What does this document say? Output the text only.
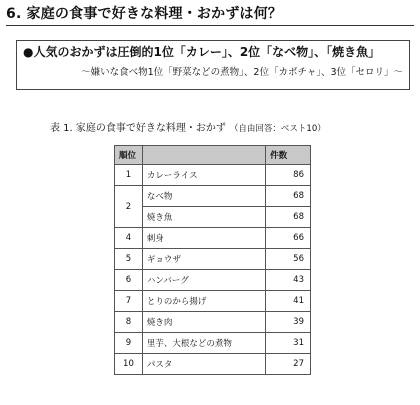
6. 家庭の食事で好きな料理・おかずは何？
●人気のおかずは圧倒的1位「カレー」、2位「なべ物」、「焼き魚」
～嫌いな食べ物1位「野菜などの煮物」、2位「カボチャ」、3位「セロリ」～
表 1. 家庭の食事で好きな料理・おかず （自由回答：ベスト10）
順位		件数
1	カレーライス	86
2	なべ物	68
	焼き魚	68
4	刺身	66
5	ギョウザ	56
6	ハンバーグ	43
7	とりのから揚げ	41
8	焼き肉	39
9	里芋、大根などの煮物	31
10	パスタ	27
